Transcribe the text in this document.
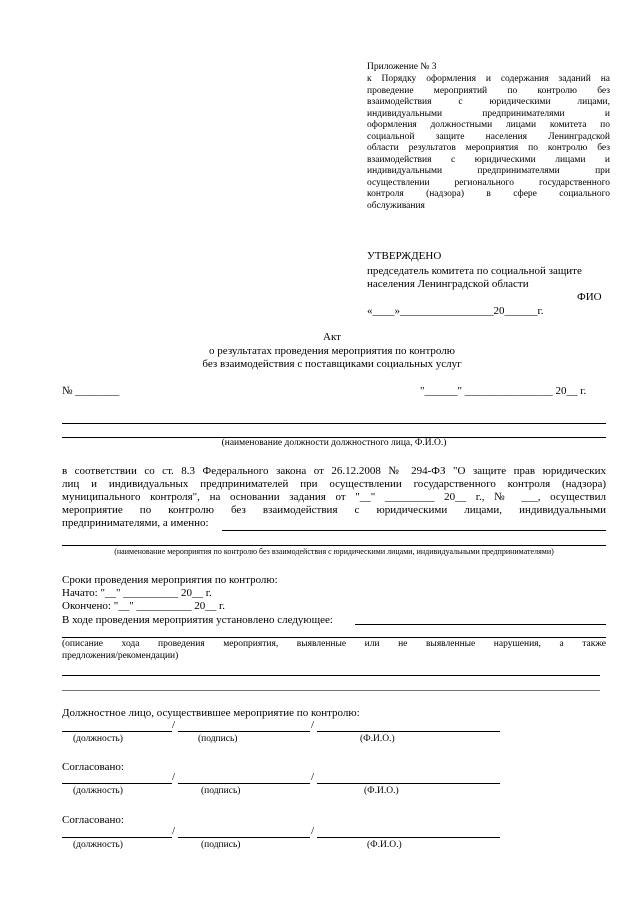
Приложение № 3
к Порядку оформления и содержания заданий на
проведение мероприятий по контролю без
взаимодействия с юридическими лицами,
индивидуальными предпринимателями и
оформления должностными лицами комитета по
социальной защите населения Ленинградской
области результатов мероприятия по контролю без
взаимодействия с юридическими лицами и
индивидуальными предпринимателями при
осуществлении регионального государственного
контроля (надзора) в сфере социального
обслуживания
УТВЕРЖДЕНО
председатель комитета по социальной защите
населения Ленинградской области
ФИО
«____»_________________20______г.
Акт
о результатах проведения мероприятия по контролю
без взаимодействия с поставщиками социальных услуг
№ ________	"______" ________________ 20__ г.
(наименование должности должностного лица, Ф.И.О.)
в соответствии со ст. 8.3 Федерального закона от 26.12.2008 № 294-ФЗ "О защите прав юридических
лиц и индивидуальных предпринимателей при осуществлении государственного контроля (надзора)
муниципального контроля", на основании задания от "__" _________ 20__ г., № ___, осуществил
мероприятие по контролю без взаимодействия с юридическими лицами, индивидуальными
предпринимателями, а именно:
(наименование мероприятия по контролю без взаимодействия с юридическими лицами, индивидуальными предпринимателями)
Сроки проведения мероприятия по контролю:
Начато: "__" __________ 20__ г.
Окончено: "__" __________ 20__ г.
В ходе проведения мероприятия установлено следующее:
(описание хода проведения мероприятия, выявленные или не выявленные нарушения, а также
предложения/рекомендации)
Должностное лицо, осуществившее мероприятие по контролю:
/	/
(должность)	(подпись)	(Ф.И.О.)
Согласовано:
/	/
(должность)	(подпись)	(Ф.И.О.)
Согласовано:
/	/
(должность)	(подпись)	(Ф.И.О.)
